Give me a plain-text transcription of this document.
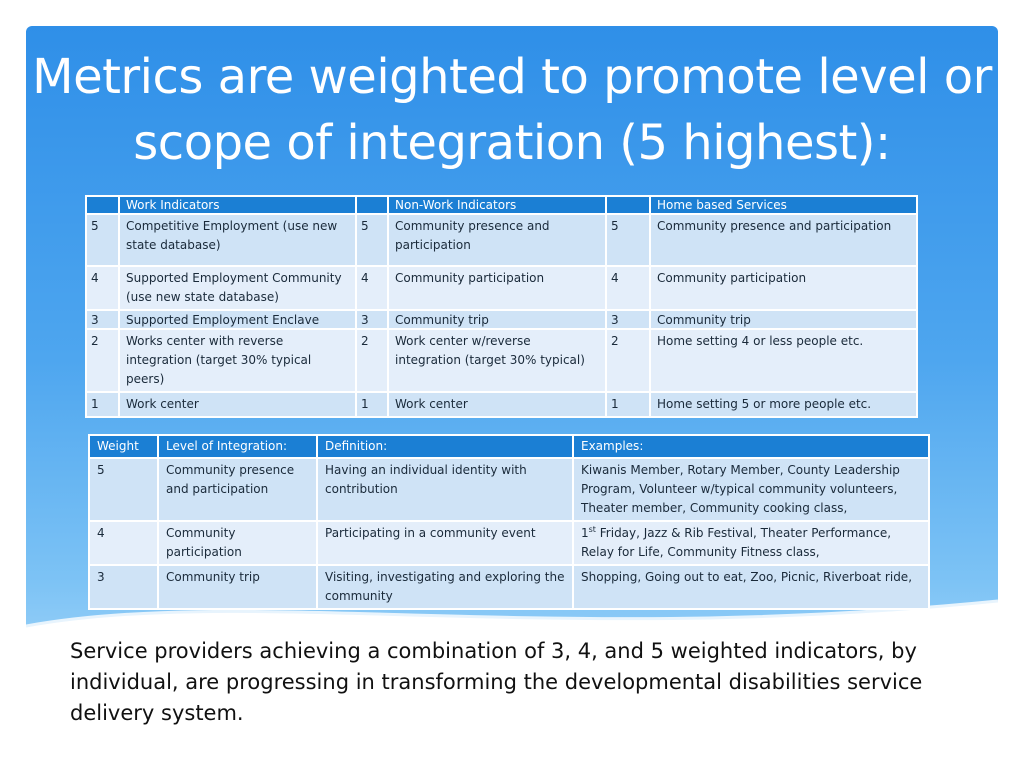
Metrics are weighted to promote level or scope of integration (5 highest):
	Work Indicators		Non-Work Indicators		Home based Services
5	Competitive Employment (use new state database)	5	Community presence and participation	5	Community presence and participation
4	Supported Employment Community (use new state database)	4	Community participation	4	Community participation
3	Supported Employment Enclave	3	Community trip	3	Community trip
2	Works center with reverse integration (target 30% typical peers)	2	Work center w/reverse integration (target 30% typical)	2	Home setting 4 or less people etc.
1	Work center	1	Work center	1	Home setting 5 or more people etc.
Weight	Level of Integration:	Definition:	Examples:
5	Community presence and participation	Having an individual identity with contribution	Kiwanis Member, Rotary Member, County Leadership Program, Volunteer w/typical community volunteers, Theater member, Community cooking class,
4	Community participation	Participating in a community event	1st Friday, Jazz & Rib Festival, Theater Performance, Relay for Life, Community Fitness class,
3	Community trip	Visiting, investigating and exploring the community	Shopping, Going out to eat, Zoo, Picnic, Riverboat ride,

Service providers achieving a combination of 3, 4, and 5 weighted indicators, by individual, are progressing in transforming the developmental disabilities service delivery system.
